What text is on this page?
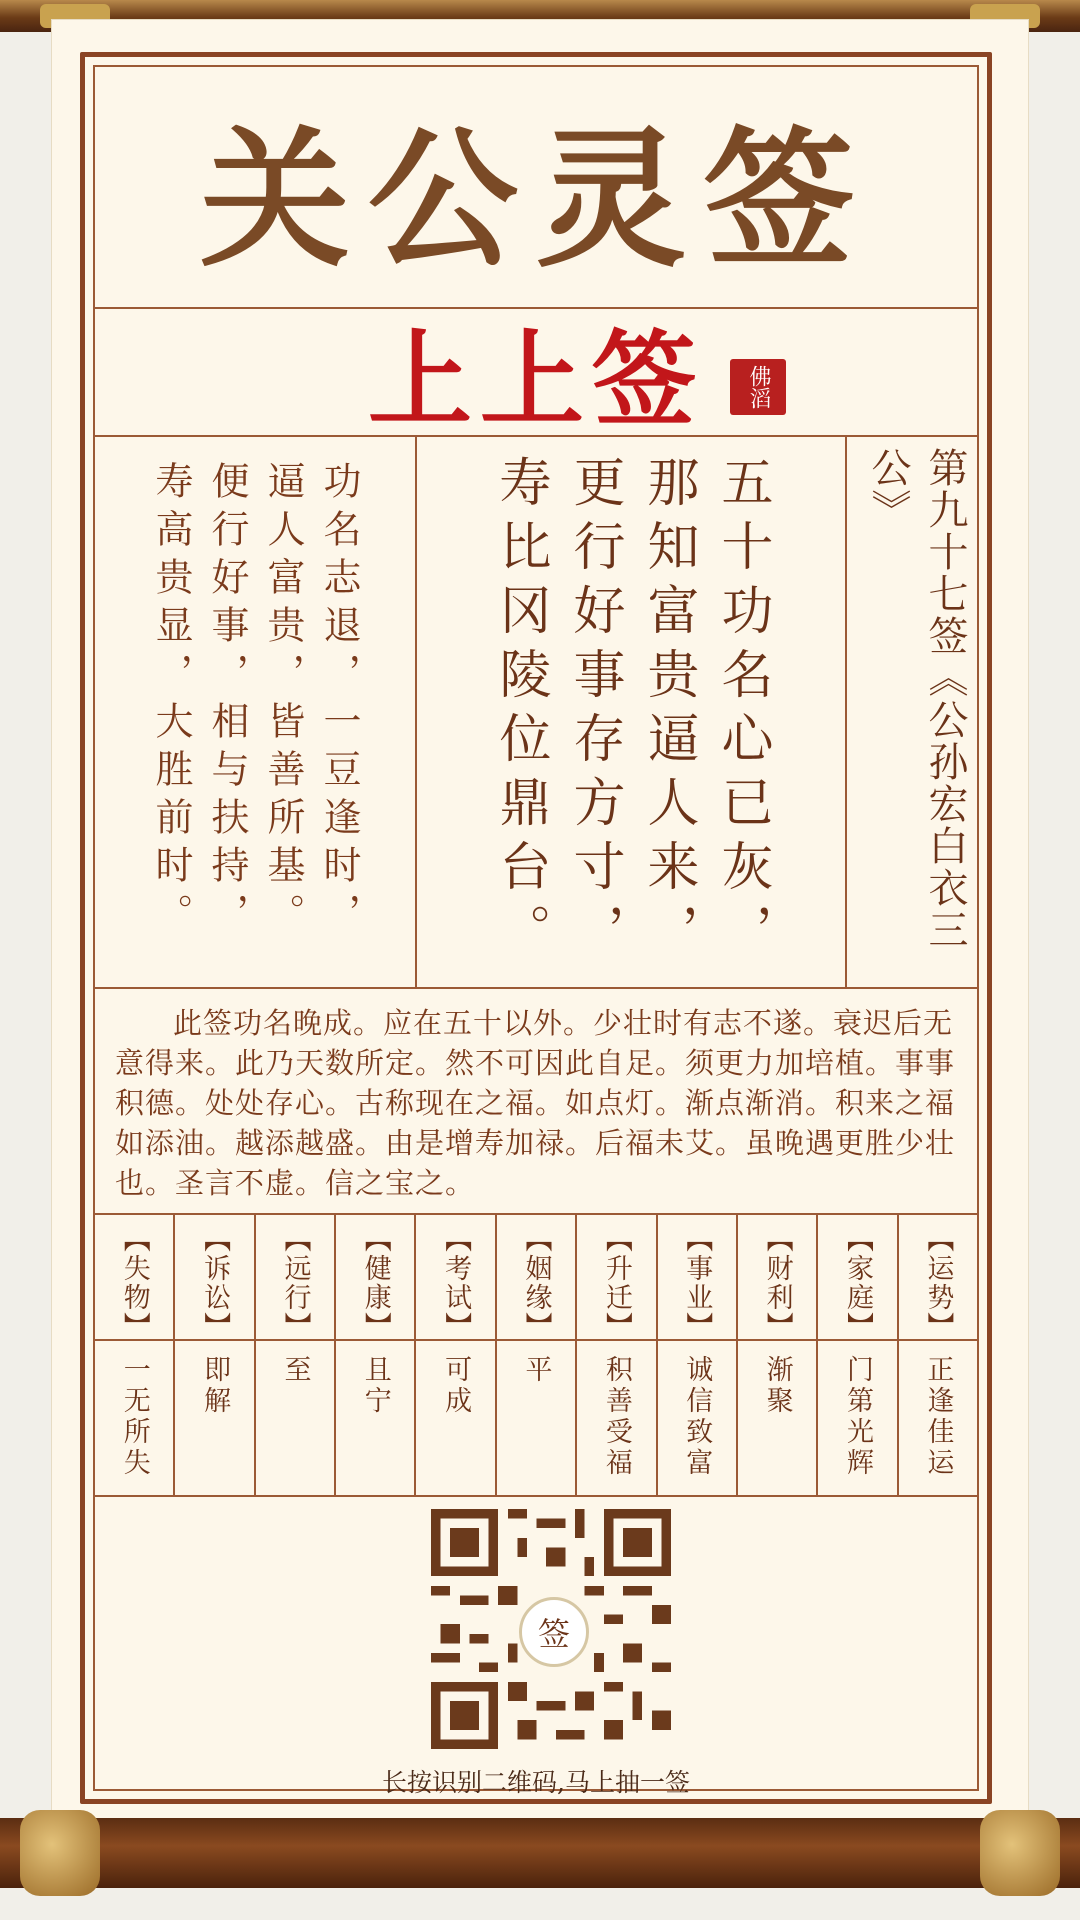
关公灵签
上上签	佛滔
第九十七签《公孙宏白衣三公》
五十功名心已灰，
那知富贵逼人来，
更行好事存方寸，
寿比冈陵位鼎台。
功名志退，一豆逢时，
逼人富贵，皆善所基。
便行好事，相与扶持，
寿高贵显，大胜前时。

此签功名晚成。应在五十以外。少壮时有志不遂。衰迟后无意得来。此乃天数所定。然不可因此自足。须更力加培植。事事积德。处处存心。古称现在之福。如点灯。渐点渐消。积来之福如添油。越添越盛。由是增寿加禄。后福未艾。虽晚遇更胜少壮也。圣言不虚。信之宝之。

【运势】
正逢佳运
【家庭】
门第光辉
【财利】
渐聚
【事业】
诚信致富
【升迁】
积善受福
【姻缘】
平
【考试】
可成
【健康】
且宁
【远行】
至
【诉讼】
即解
【失物】
一无所失
签
长按识别二维码,马上抽一签
